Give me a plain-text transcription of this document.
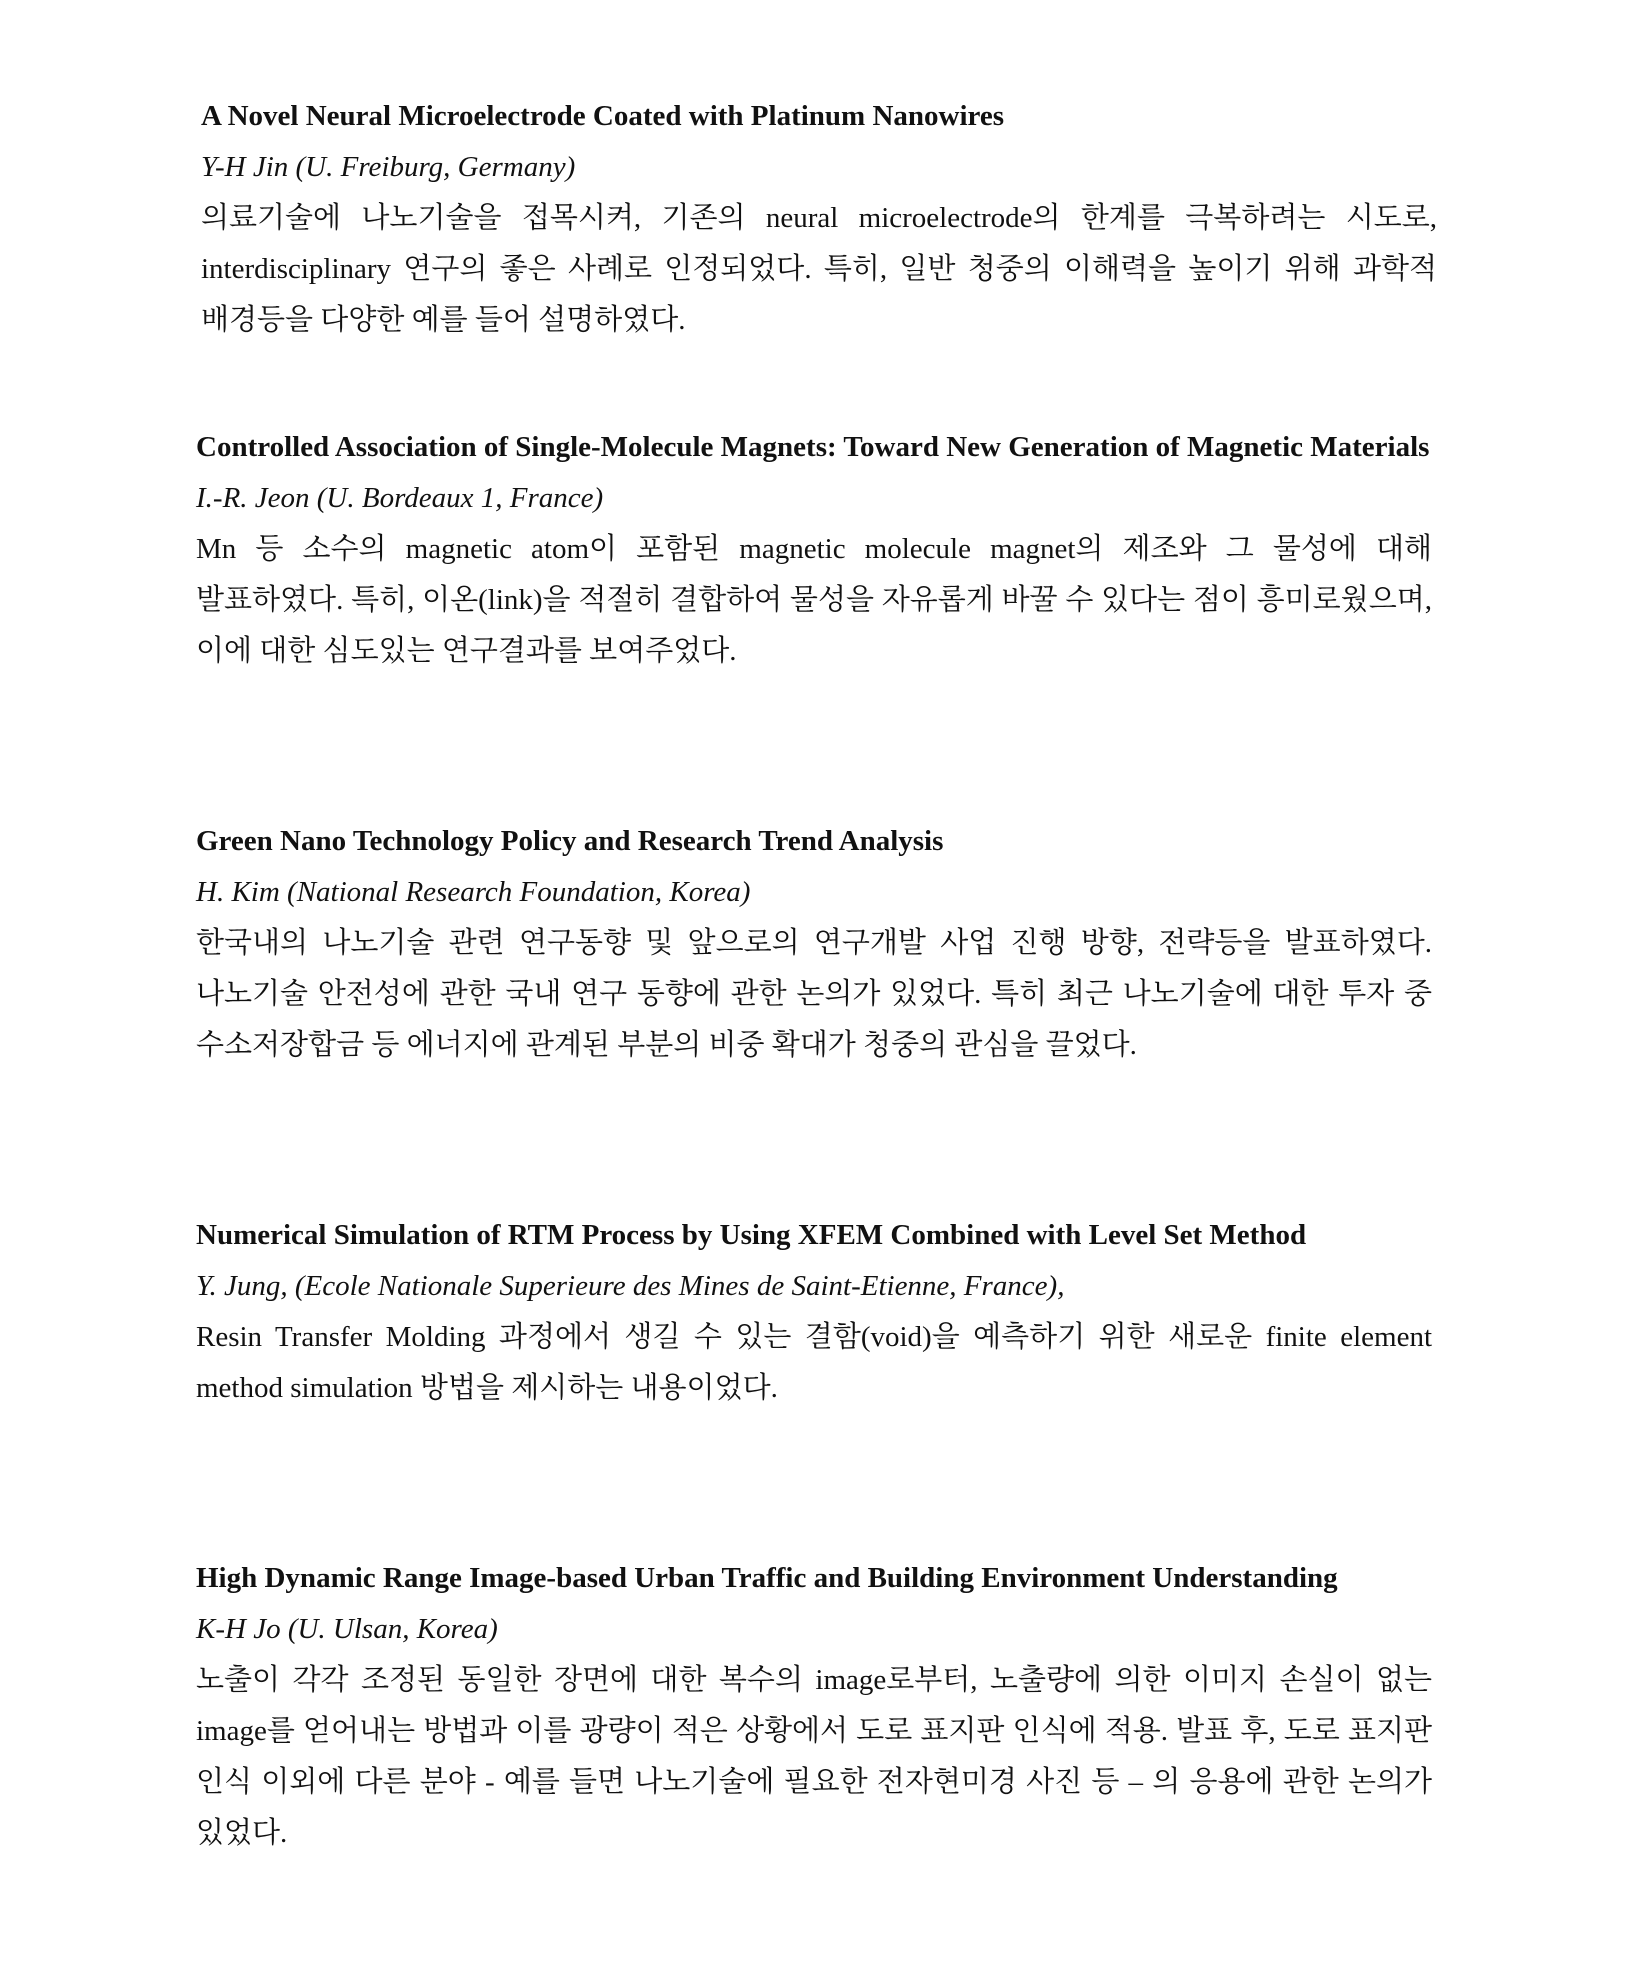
A Novel Neural Microelectrode Coated with Platinum Nanowires

Y-H Jin (U. Freiburg, Germany)

의료기술에 나노기술을 접목시켜, 기존의 neural microelectrode의 한계를 극복하려는 시도로, interdisciplinary 연구의 좋은 사례로 인정되었다. 특히, 일반 청중의 이해력을 높이기 위해 과학적 배경등을 다양한 예를 들어 설명하였다.

Controlled Association of Single-Molecule Magnets: Toward New Generation of Magnetic Materials

I.-R. Jeon (U. Bordeaux 1, France)

Mn 등 소수의 magnetic atom이 포함된 magnetic molecule magnet의 제조와 그 물성에 대해 발표하였다. 특히, 이온(link)을 적절히 결합하여 물성을 자유롭게 바꿀 수 있다는 점이 흥미로웠으며, 이에 대한 심도있는 연구결과를 보여주었다.

Green Nano Technology Policy and Research Trend Analysis

H. Kim (National Research Foundation, Korea)

한국내의 나노기술 관련 연구동향 및 앞으로의 연구개발 사업 진행 방향, 전략등을 발표하였다. 나노기술 안전성에 관한 국내 연구 동향에 관한 논의가 있었다. 특히 최근 나노기술에 대한 투자 중 수소저장합금 등 에너지에 관계된 부분의 비중 확대가 청중의 관심을 끌었다.

Numerical Simulation of RTM Process by Using XFEM Combined with Level Set Method

Y. Jung, (Ecole Nationale Superieure des Mines de Saint-Etienne, France),

Resin Transfer Molding 과정에서 생길 수 있는 결함(void)을 예측하기 위한 새로운 finite element method simulation 방법을 제시하는 내용이었다.

High Dynamic Range Image-based Urban Traffic and Building Environment Understanding

K-H Jo (U. Ulsan, Korea)

노출이 각각 조정된 동일한 장면에 대한 복수의 image로부터, 노출량에 의한 이미지 손실이 없는 image를 얻어내는 방법과 이를 광량이 적은 상황에서 도로 표지판 인식에 적용. 발표 후, 도로 표지판 인식 이외에 다른 분야 - 예를 들면 나노기술에 필요한 전자현미경 사진 등 – 의 응용에 관한 논의가 있었다.
